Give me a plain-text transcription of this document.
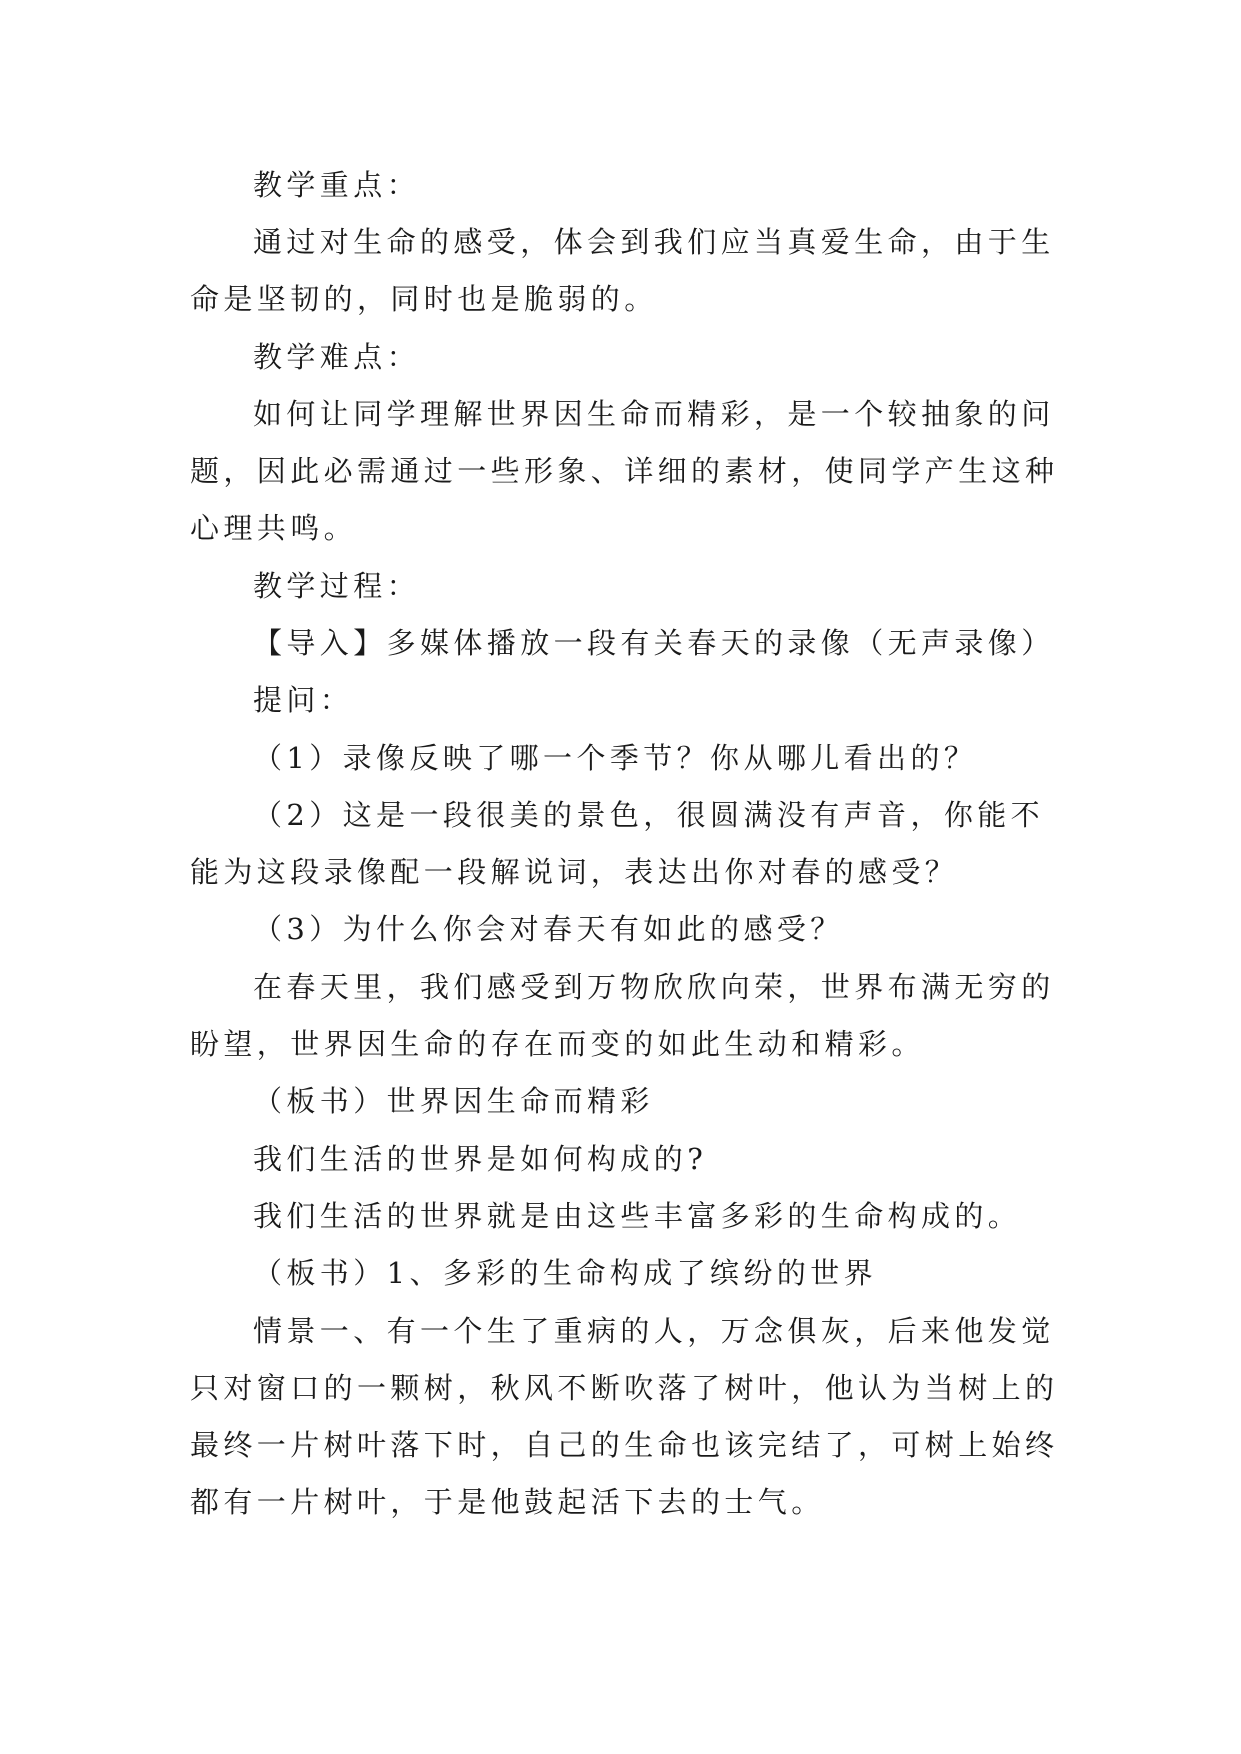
教学重点：

通过对生命的感受，体会到我们应当真爱生命，由于生

命是坚韧的，同时也是脆弱的。

教学难点：

如何让同学理解世界因生命而精彩，是一个较抽象的问

题，因此必需通过一些形象、详细的素材，使同学产生这种

心理共鸣。

教学过程：

【导入】多媒体播放一段有关春天的录像（无声录像）

提问：

（1）录像反映了哪一个季节？你从哪儿看出的？

（2）这是一段很美的景色，很圆满没有声音，你能不

能为这段录像配一段解说词，表达出你对春的感受？

（3）为什么你会对春天有如此的感受？

在春天里，我们感受到万物欣欣向荣，世界布满无穷的

盼望，世界因生命的存在而变的如此生动和精彩。

（板书）世界因生命而精彩

我们生活的世界是如何构成的?

我们生活的世界就是由这些丰富多彩的生命构成的。

（板书）1、多彩的生命构成了缤纷的世界

情景一、有一个生了重病的人，万念俱灰，后来他发觉

只对窗口的一颗树，秋风不断吹落了树叶，他认为当树上的

最终一片树叶落下时，自己的生命也该完结了，可树上始终

都有一片树叶，于是他鼓起活下去的士气。
